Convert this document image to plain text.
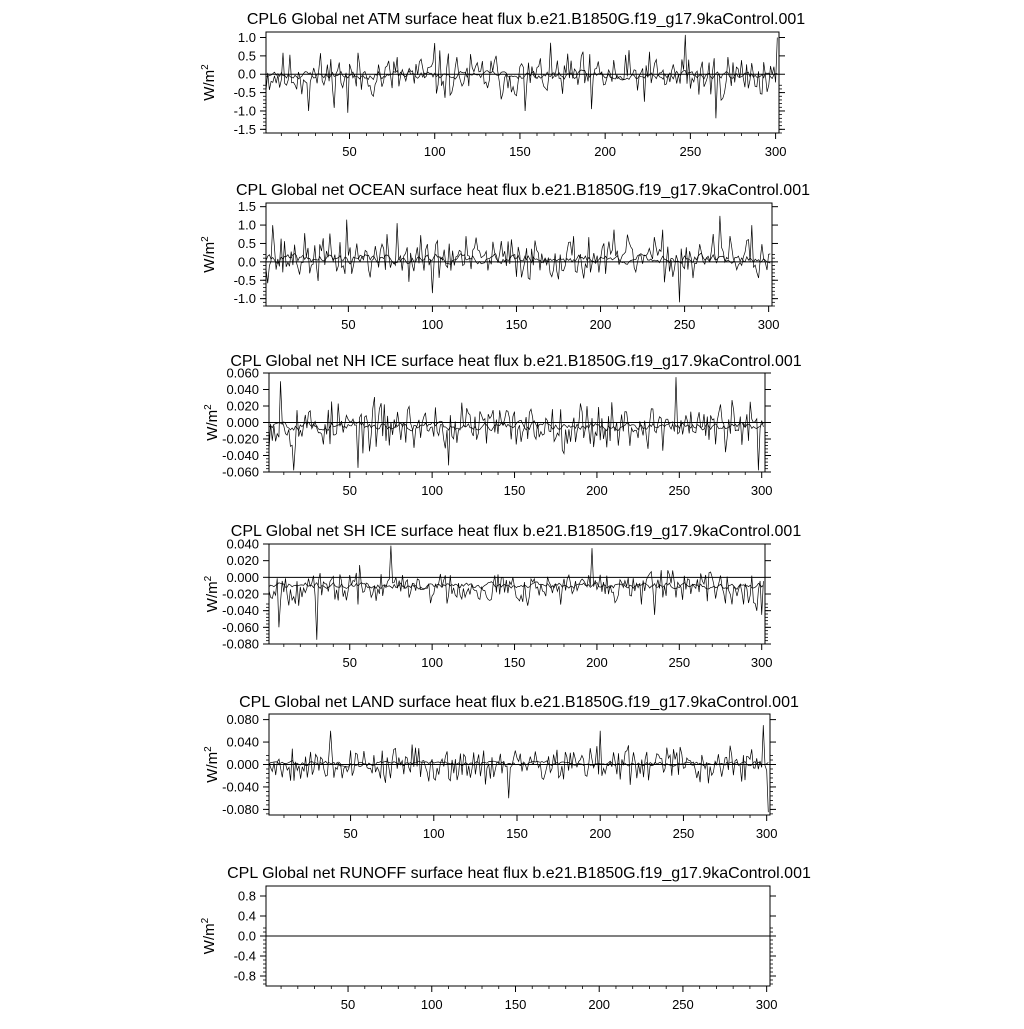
CPL6 Global net ATM surface heat flux b.e21.B1850G.f19_g17.9kaControl.001
$W/m^2$
-1.5
-1.0
-0.5
0.0
0.5
1.0
50	100	150	200	250	300
CPL Global net OCEAN surface heat flux b.e21.B1850G.f19_g17.9kaControl.001
$W/m^2$
-1.0
-0.5
0.0
0.5
1.0
1.5
50	100	150	200	250	300
CPL Global net NH ICE surface heat flux b.e21.B1850G.f19_g17.9kaControl.001
$W/m^2$
-0.060
-0.040
-0.020
0.000
0.020
0.040
0.060
50	100	150	200	250	300
CPL Global net SH ICE surface heat flux b.e21.B1850G.f19_g17.9kaControl.001
$W/m^2$
-0.080
-0.060
-0.040
-0.020
0.000
0.020
0.040
50	100	150	200	250	300
CPL Global net LAND surface heat flux b.e21.B1850G.f19_g17.9kaControl.001
$W/m^2$
-0.080
-0.040
0.000
0.040
0.080
50	100	150	200	250	300
CPL Global net RUNOFF surface heat flux b.e21.B1850G.f19_g17.9kaControl.001
$W/m^2$
-0.8
-0.4
0.0
0.4
0.8
50	100	150	200	250	300
